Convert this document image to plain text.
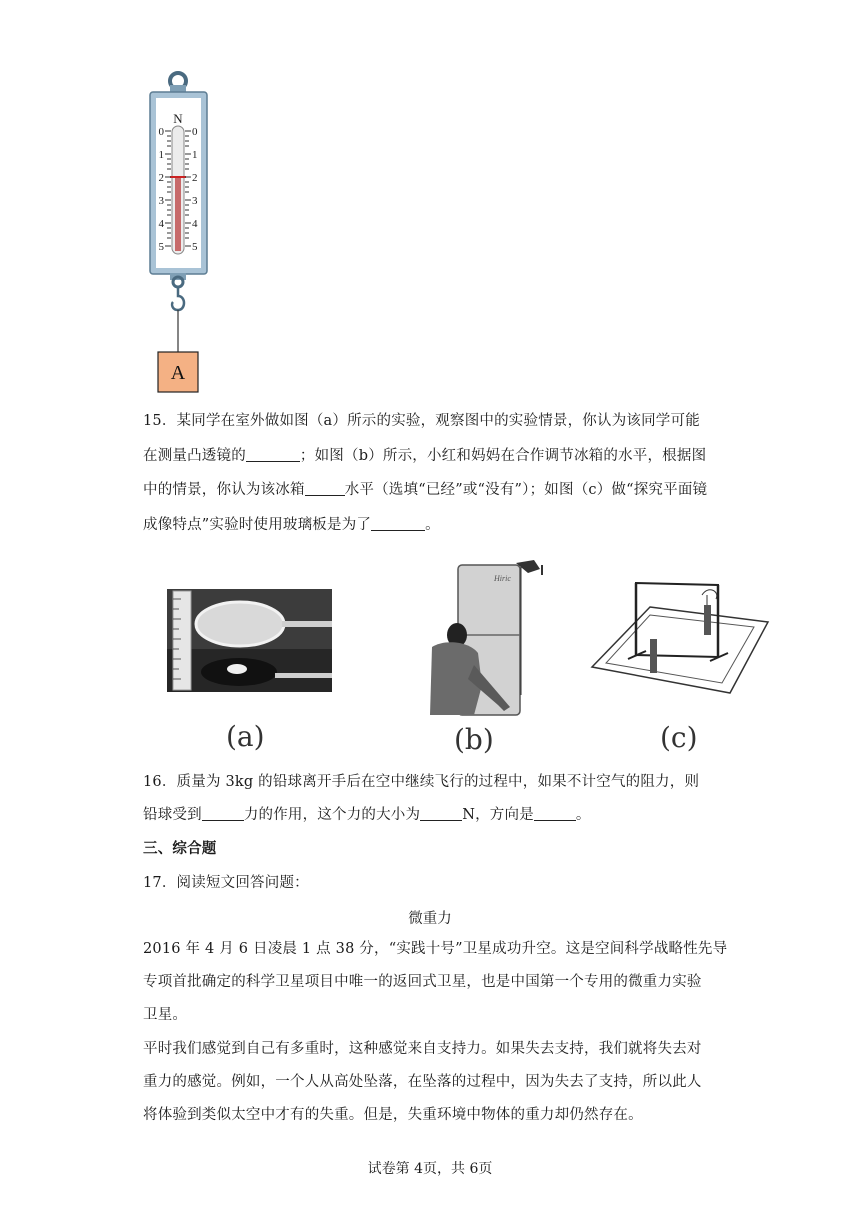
N
0
1
2
3
4
5
0
1
2
3
4
5
A
15．某同学在室外做如图（a）所示的实验，观察图中的实验情景，你认为该同学可能
在测量凸透镜的	；如图（b）所示，小红和妈妈在合作调节冰箱的水平，根据图
中的情景，你认为该冰箱	水平（选填“已经”或“没有”）；如图（c）做“探究平面镜
成像特点”实验时使用玻璃板是为了	。
(a)
Hiric
(b)	(c)
16．质量为 3kg 的铅球离开手后在空中继续飞行的过程中，如果不计空气的阻力，则
铅球受到	力的作用，这个力的大小为	N，方向是	。
三、综合题
17．阅读短文回答问题：
微重力
2016 年 4 月 6 日凌晨 1 点 38 分，“实践十号”卫星成功升空。这是空间科学战略性先导
专项首批确定的科学卫星项目中唯一的返回式卫星，也是中国第一个专用的微重力实验
卫星。
平时我们感觉到自己有多重时，这种感觉来自支持力。如果失去支持，我们就将失去对
重力的感觉。例如，一个人从高处坠落，在坠落的过程中，因为失去了支持，所以此人
将体验到类似太空中才有的失重。但是，失重环境中物体的重力却仍然存在。
试卷第 4页，共 6页
